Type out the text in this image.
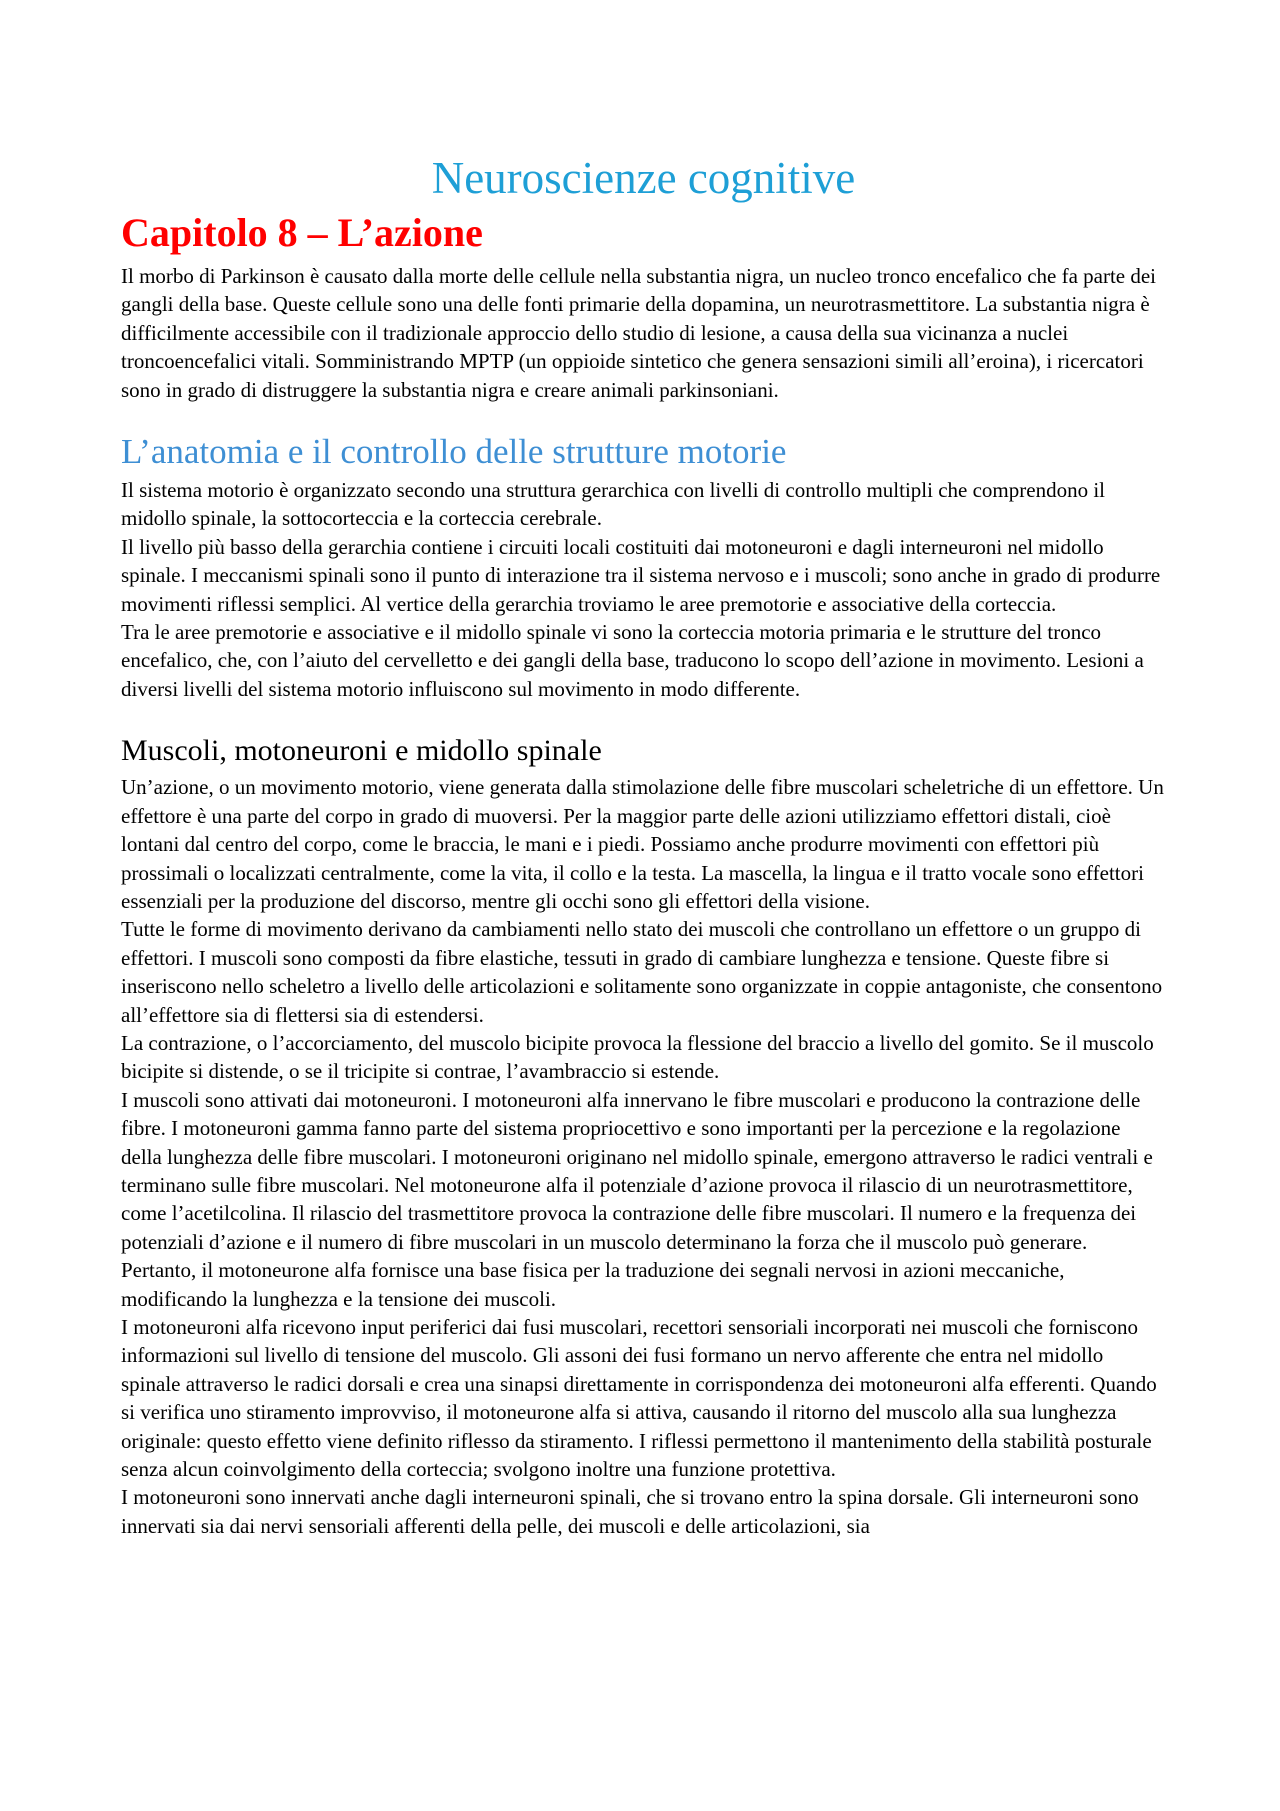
Neuroscienze cognitive
Capitolo 8 – L’azione

Il morbo di Parkinson è causato dalla morte delle cellule nella substantia nigra, un nucleo tronco encefalico che fa parte dei gangli della base. Queste cellule sono una delle fonti primarie della dopamina, un neurotrasmettitore. La substantia nigra è difficilmente accessibile con il tradizionale approccio dello studio di lesione, a causa della sua vicinanza a nuclei troncoencefalici vitali. Somministrando MPTP (un oppioide sintetico che genera sensazioni simili all’eroina), i ricercatori sono in grado di distruggere la substantia nigra e creare animali parkinsoniani.

L’anatomia e il controllo delle strutture motorie

Il sistema motorio è organizzato secondo una struttura gerarchica con livelli di controllo multipli che comprendono il midollo spinale, la sottocorteccia e la corteccia cerebrale.

Il livello più basso della gerarchia contiene i circuiti locali costituiti dai motoneuroni e dagli interneuroni nel midollo spinale. I meccanismi spinali sono il punto di interazione tra il sistema nervoso e i muscoli; sono anche in grado di produrre movimenti riflessi semplici. Al vertice della gerarchia troviamo le aree premotorie e associative della corteccia.

Tra le aree premotorie e associative e il midollo spinale vi sono la corteccia motoria primaria e le strutture del tronco encefalico, che, con l’aiuto del cervelletto e dei gangli della base, traducono lo scopo dell’azione in movimento. Lesioni a diversi livelli del sistema motorio influiscono sul movimento in modo differente.

Muscoli, motoneuroni e midollo spinale

Un’azione, o un movimento motorio, viene generata dalla stimolazione delle fibre muscolari scheletriche di un effettore. Un effettore è una parte del corpo in grado di muoversi. Per la maggior parte delle azioni utilizziamo effettori distali, cioè lontani dal centro del corpo, come le braccia, le mani e i piedi. Possiamo anche produrre movimenti con effettori più prossimali o localizzati centralmente, come la vita, il collo e la testa. La mascella, la lingua e il tratto vocale sono effettori essenziali per la produzione del discorso, mentre gli occhi sono gli effettori della visione.

Tutte le forme di movimento derivano da cambiamenti nello stato dei muscoli che controllano un effettore o un gruppo di effettori. I muscoli sono composti da fibre elastiche, tessuti in grado di cambiare lunghezza e tensione. Queste fibre si inseriscono nello scheletro a livello delle articolazioni e solitamente sono organizzate in coppie antagoniste, che consentono all’effettore sia di flettersi sia di estendersi.

La contrazione, o l’accorciamento, del muscolo bicipite provoca la flessione del braccio a livello del gomito. Se il muscolo bicipite si distende, o se il tricipite si contrae, l’avambraccio si estende.

I muscoli sono attivati dai motoneuroni. I motoneuroni alfa innervano le fibre muscolari e producono la contrazione delle fibre. I motoneuroni gamma fanno parte del sistema propriocettivo e sono importanti per la percezione e la regolazione della lunghezza delle fibre muscolari. I motoneuroni originano nel midollo spinale, emergono attraverso le radici ventrali e terminano sulle fibre muscolari. Nel motoneurone alfa il potenziale d’azione provoca il rilascio di un neurotrasmettitore, come l’acetilcolina. Il rilascio del trasmettitore provoca la contrazione delle fibre muscolari. Il numero e la frequenza dei potenziali d’azione e il numero di fibre muscolari in un muscolo determinano la forza che il muscolo può generare. Pertanto, il motoneurone alfa fornisce una base fisica per la traduzione dei segnali nervosi in azioni meccaniche, modificando la lunghezza e la tensione dei muscoli.

I motoneuroni alfa ricevono input periferici dai fusi muscolari, recettori sensoriali incorporati nei muscoli che forniscono informazioni sul livello di tensione del muscolo. Gli assoni dei fusi formano un nervo afferente che entra nel midollo spinale attraverso le radici dorsali e crea una sinapsi direttamente in corrispondenza dei motoneuroni alfa efferenti. Quando si verifica uno stiramento improvviso, il motoneurone alfa si attiva, causando il ritorno del muscolo alla sua lunghezza originale: questo effetto viene definito riflesso da stiramento. I riflessi permettono il mantenimento della stabilità posturale senza alcun coinvolgimento della corteccia; svolgono inoltre una funzione protettiva.

I motoneuroni sono innervati anche dagli interneuroni spinali, che si trovano entro la spina dorsale. Gli interneuroni sono innervati sia dai nervi sensoriali afferenti della pelle, dei muscoli e delle articolazioni, sia
